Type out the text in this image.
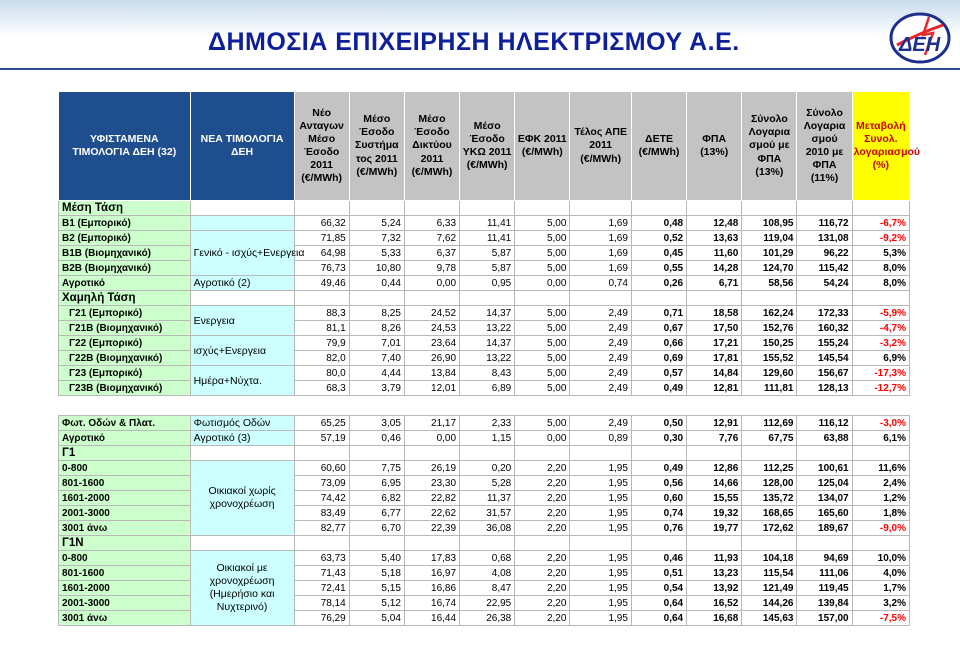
ΔΗΜΟΣΙΑ ΕΠΙΧΕΙΡΗΣΗ ΗΛΕΚΤΡΙΣΜΟΥ Α.Ε.	ΔΕΗ
ΥΦΙΣΤΑΜΕΝΑ ΤΙΜΟΛΟΓΙΑ ΔΕΗ (32)	ΝΕΑ ΤΙΜΟΛΟΓΙΑ ΔΕΗ	Νέο Ανταγων Μέσο Έσοδο 2011 (€/MWh)	Μέσο Έσοδο Συστήμα τος 2011 (€/MWh)	Μέσο Έσοδο Δικτύου 2011 (€/MWh)	Μέσο Έσοδο ΥΚΩ 2011 (€/MWh)	ΕΦΚ 2011 (€/MWh)	Τέλος ΑΠΕ 2011 (€/MWh)	ΔΕΤΕ (€/MWh)	ΦΠΑ (13%)	Σύνολο Λογαρια σμού με ΦΠΑ (13%)	Σύνολο Λογαρια σμού 2010 με ΦΠΑ (11%)	Μεταβολή Συνολ. λογαριασμού (%)
Μέση Τάση												
Β1 (Εμπορικό)		66,32	5,24	6,33	11,41	5,00	1,69	0,48	12,48	108,95	116,72	-6,7%
Β2 (Εμπορικό)	Γενικό - ισχύς+Ενεργεια	71,85	7,32	7,62	11,41	5,00	1,69	0,52	13,63	119,04	131,08	-9,2%
Β1Β (Βιομηχανικό)		64,98	5,33	6,37	5,87	5,00	1,69	0,45	11,60	101,29	96,22	5,3%
Β2Β (Βιομηχανικό)		76,73	10,80	9,78	5,87	5,00	1,69	0,55	14,28	124,70	115,42	8,0%
Αγροτικό	Αγροτικό (2)	49,46	0,44	0,00	0,95	0,00	0,74	0,26	6,71	58,56	54,24	8,0%
Χαμηλή Τάση												
Γ21 (Εμπορικό)	Ενεργεια	88,3	8,25	24,52	14,37	5,00	2,49	0,71	18,58	162,24	172,33	-5,9%
Γ21Β (Βιομηχανικό)		81,1	8,26	24,53	13,22	5,00	2,49	0,67	17,50	152,76	160,32	-4,7%
Γ22 (Εμπορικό)	ισχύς+Ενεργεια	79,9	7,01	23,64	14,37	5,00	2,49	0,66	17,21	150,25	155,24	-3,2%
Γ22Β (Βιομηχανικό)		82,0	7,40	26,90	13,22	5,00	2,49	0,69	17,81	155,52	145,54	6,9%
Γ23 (Εμπορικό)	Ημέρα+Νύχτα.	80,0	4,44	13,84	8,43	5,00	2,49	0,57	14,84	129,60	156,67	-17,3%
Γ23Β (Βιομηχανικό)		68,3	3,79	12,01	6,89	5,00	2,49	0,49	12,81	111,81	128,13	-12,7%

Φωτ. Οδών & Πλατ.	Φωτισμός Οδών	65,25	3,05	21,17	2,33	5,00	2,49	0,50	12,91	112,69	116,12	-3,0%
Αγροτικό	Αγροτικό (3)	57,19	0,46	0,00	1,15	0,00	0,89	0,30	7,76	67,75	63,88	6,1%
Γ1												
0-800	Οικιακοί χωρίς χρονοχρέωση	60,60	7,75	26,19	0,20	2,20	1,95	0,49	12,86	112,25	100,61	11,6%
801-1600		73,09	6,95	23,30	5,28	2,20	1,95	0,56	14,66	128,00	125,04	2,4%
1601-2000		74,42	6,82	22,82	11,37	2,20	1,95	0,60	15,55	135,72	134,07	1,2%
2001-3000		83,49	6,77	22,62	31,57	2,20	1,95	0,74	19,32	168,65	165,60	1,8%
3001 άνω		82,77	6,70	22,39	36,08	2,20	1,95	0,76	19,77	172,62	189,67	-9,0%
Γ1Ν												
0-800	Οικιακοί με χρονοχρέωση (Ημερήσιο και Νυχτερινό)	63,73	5,40	17,83	0,68	2,20	1,95	0,46	11,93	104,18	94,69	10,0%
801-1600		71,43	5,18	16,97	4,08	2,20	1,95	0,51	13,23	115,54	111,06	4,0%
1601-2000		72,41	5,15	16,86	8,47	2,20	1,95	0,54	13,92	121,49	119,45	1,7%
2001-3000		78,14	5,12	16,74	22,95	2,20	1,95	0,64	16,52	144,26	139,84	3,2%
3001 άνω		76,29	5,04	16,44	26,38	2,20	1,95	0,64	16,68	145,63	157,00	-7,5%
